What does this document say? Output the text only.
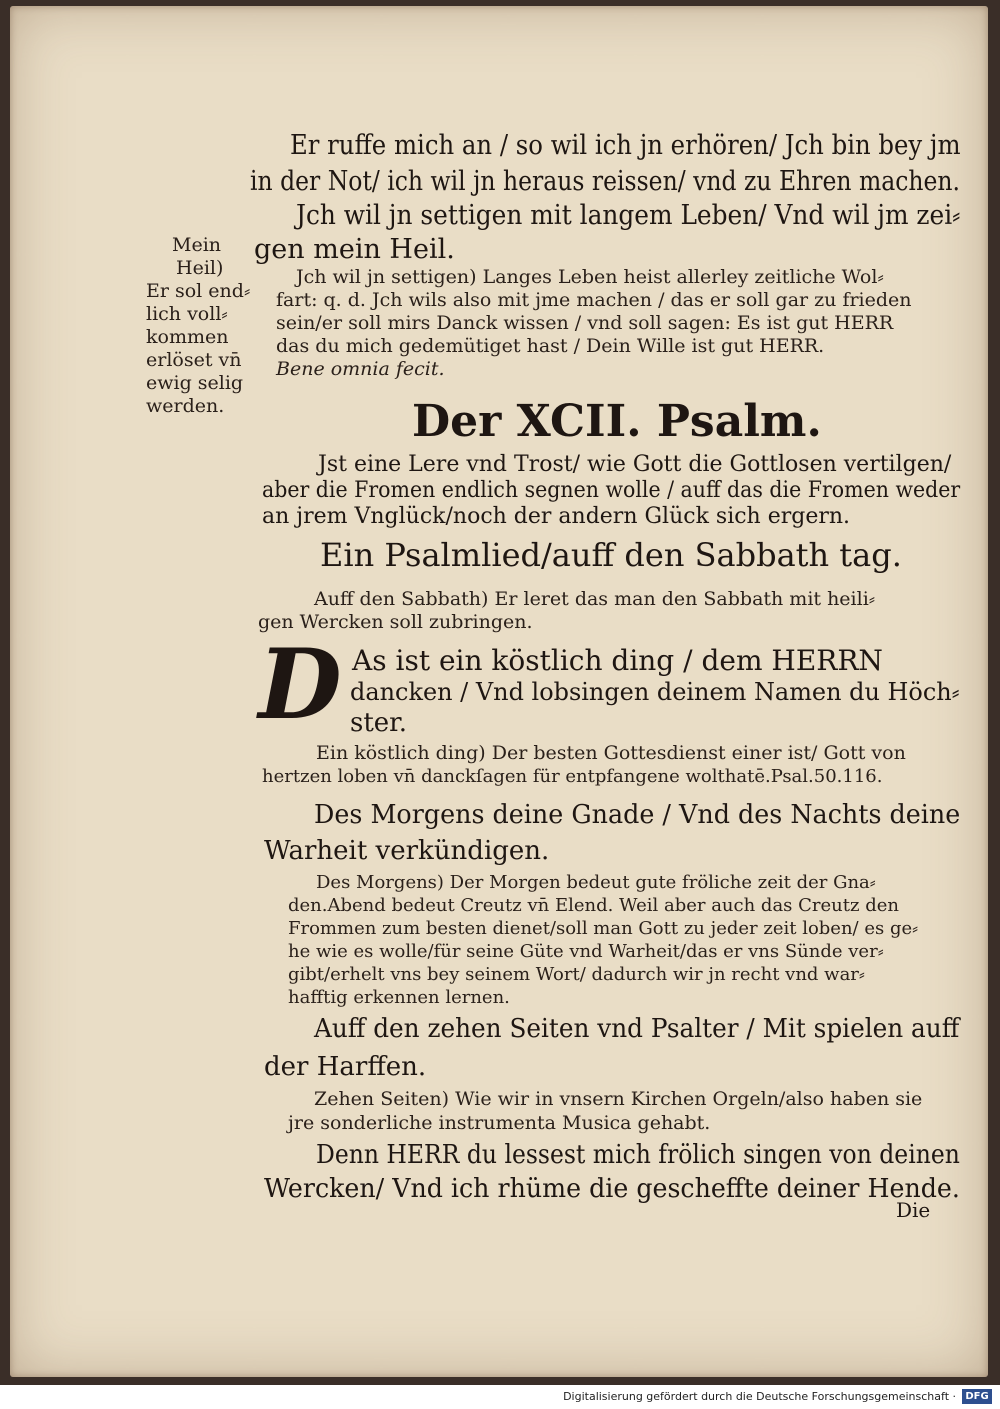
Er ruffe mich an / so wil ich jn erhören/ Jch bin bey jm
in der Not/ ich wil jn heraus reissen/ vnd zu Ehren machen.
Jch wil jn settigen mit langem Leben/ Vnd wil jm zei⸗
gen mein Heil.
Mein
Heil)
Er sol end⸗
lich voll⸗
kommen
erlöset vn̄
ewig selig
werden.
Jch wil jn settigen) Langes Leben heist allerley zeitliche Wol⸗
fart: q. d. Jch wils also mit jme machen / das er soll gar zu frieden
sein/er soll mirs Danck wissen / vnd soll sagen: Es ist gut HERR
das du mich gedemütiget hast / Dein Wille ist gut HERR.
Bene omnia fecit.
Der XCII. Psalm.
Jst eine Lere vnd Trost/ wie Gott die Gottlosen vertilgen/
aber die Fromen endlich segnen wolle / auff das die Fromen weder
an jrem Vnglück/noch der andern Glück sich ergern.
Ein Psalmlied/auff den Sabbath tag.
Auff den Sabbath) Er leret das man den Sabbath mit heili⸗
gen Wercken soll zubringen.
D As ist ein köstlich ding / dem HERRN
dancken / Vnd lobsingen deinem Namen du Höch⸗
ster.
Ein köstlich ding) Der besten Gottesdienst einer ist/ Gott von
hertzen loben vn̄ danckſagen für entpfangene wolthatē.Psal.50.116.
Des Morgens deine Gnade / Vnd des Nachts deine
Warheit verkündigen.
Des Morgens) Der Morgen bedeut gute fröliche zeit der Gna⸗
den.Abend bedeut Creutz vn̄ Elend. Weil aber auch das Creutz den
Frommen zum besten dienet/soll man Gott zu jeder zeit loben/ es ge⸗
he wie es wolle/für seine Güte vnd Warheit/das er vns Sünde ver⸗
gibt/erhelt vns bey seinem Wort/ dadurch wir jn recht vnd war⸗
hafftig erkennen lernen.
Auff den zehen Seiten vnd Psalter / Mit spielen auff
der Harffen.
Zehen Seiten) Wie wir in vnsern Kirchen Orgeln/also haben sie
jre sonderliche instrumenta Musica gehabt.
Denn HERR du lessest mich frölich singen von deinen
Wercken/ Vnd ich rhüme die gescheffte deiner Hende.
Die
Digitalisierung gefördert durch die Deutsche Forschungsgemeinschaft · DFG
